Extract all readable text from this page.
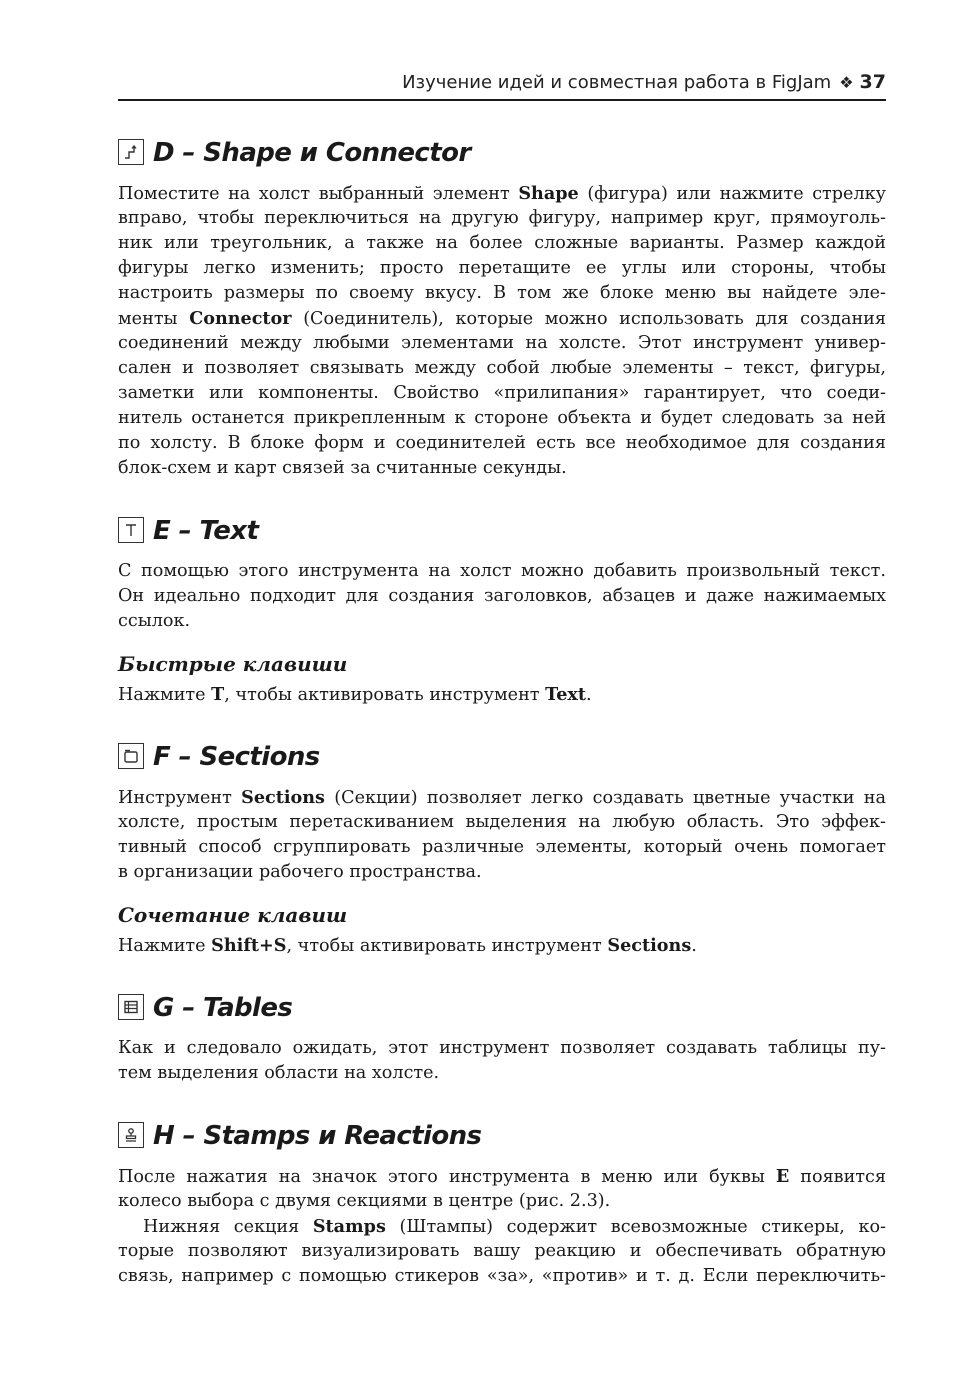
Изучение идей и совместная работа в FigJam ❖ 37
D – Shape и Connector
Поместите на холст выбранный элемент Shape (фигура) или нажмите стрелку
вправо, чтобы переключиться на другую фигуру, например круг, прямоуголь-
ник или треугольник, а также на более сложные варианты. Размер каждой
фигуры легко изменить; просто перетащите ее углы или стороны, чтобы
настроить размеры по своему вкусу. В том же блоке меню вы найдете эле-
менты Connector (Соединитель), которые можно использовать для создания
соединений между любыми элементами на холсте. Этот инструмент универ-
сален и позволяет связывать между собой любые элементы – текст, фигуры,
заметки или компоненты. Свойство «прилипания» гарантирует, что соеди-
нитель останется прикрепленным к стороне объекта и будет следовать за ней
по холсту. В блоке форм и соединителей есть все необходимое для создания
блок-схем и карт связей за считанные секунды.
E – Text
С помощью этого инструмента на холст можно добавить произвольный текст.
Он идеально подходит для создания заголовков, абзацев и даже нажимаемых
ссылок.
Быстрые клавиши
Нажмите T, чтобы активировать инструмент Text.
F – Sections
Инструмент Sections (Секции) позволяет легко создавать цветные участки на
холсте, простым перетаскиванием выделения на любую область. Это эффек-
тивный способ сгруппировать различные элементы, который очень помогает
в организации рабочего пространства.
Сочетание клавиш
Нажмите Shift+S, чтобы активировать инструмент Sections.
G – Tables
Как и следовало ожидать, этот инструмент позволяет создавать таблицы пу-
тем выделения области на холсте.
H – Stamps и Reactions
После нажатия на значок этого инструмента в меню или буквы E появится
колесо выбора с двумя секциями в центре (рис. 2.3).
Нижняя секция Stamps (Штампы) содержит всевозможные стикеры, ко-
торые позволяют визуализировать вашу реакцию и обеспечивать обратную
связь, например с помощью стикеров «за», «против» и т. д. Если переключить-
